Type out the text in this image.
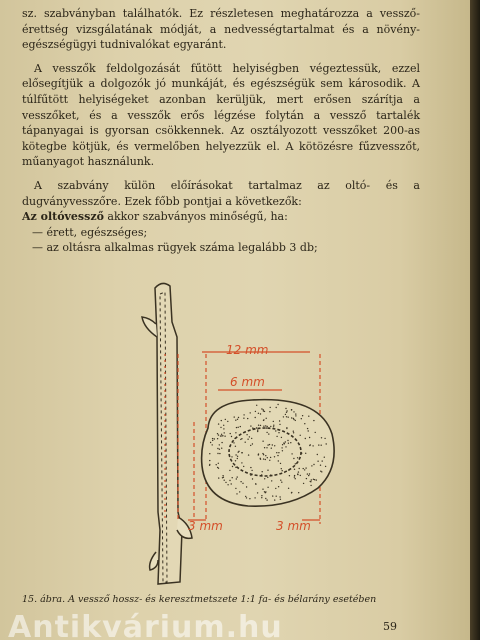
sz. szabványban találhatók. Ez részletesen meghatározza a vessző-érettség vizsgálatának módját, a nedvességtartalmat és a növény-egészségügyi tudnivalókat egyaránt.

A vesszők feldolgozását fűtött helyiségben végeztessük, ezzel elősegítjük a dolgozók jó munkáját, és egészségük sem károsodik. A túlfűtött helyiségeket azonban kerüljük, mert erősen szárítja a vesszőket, és a vesszők erős légzése folytán a vessző tartalék tápanyagai is gyorsan csökkennek. Az osztályozott vesszőket 200-as kötegbe kötjük, és vermelőben helyezzük el. A kötözésre fűzvesszőt, műanyagot használunk.

A szabvány külön előírásokat tartalmaz az oltó- és a dugványvesszőre. Ezek főbb pontjai a következők:

Az oltóvessző akkor szabványos minőségű, ha:

— érett, egészséges;

— az oltásra alkalmas rügyek száma legalább 3 db;

12 mm
6 mm
3 mm	3 mm
15. ábra. A vessző hossz- és keresztmetszete 1:1 fa- és bélarány esetében
59
Antikvárium.hu
